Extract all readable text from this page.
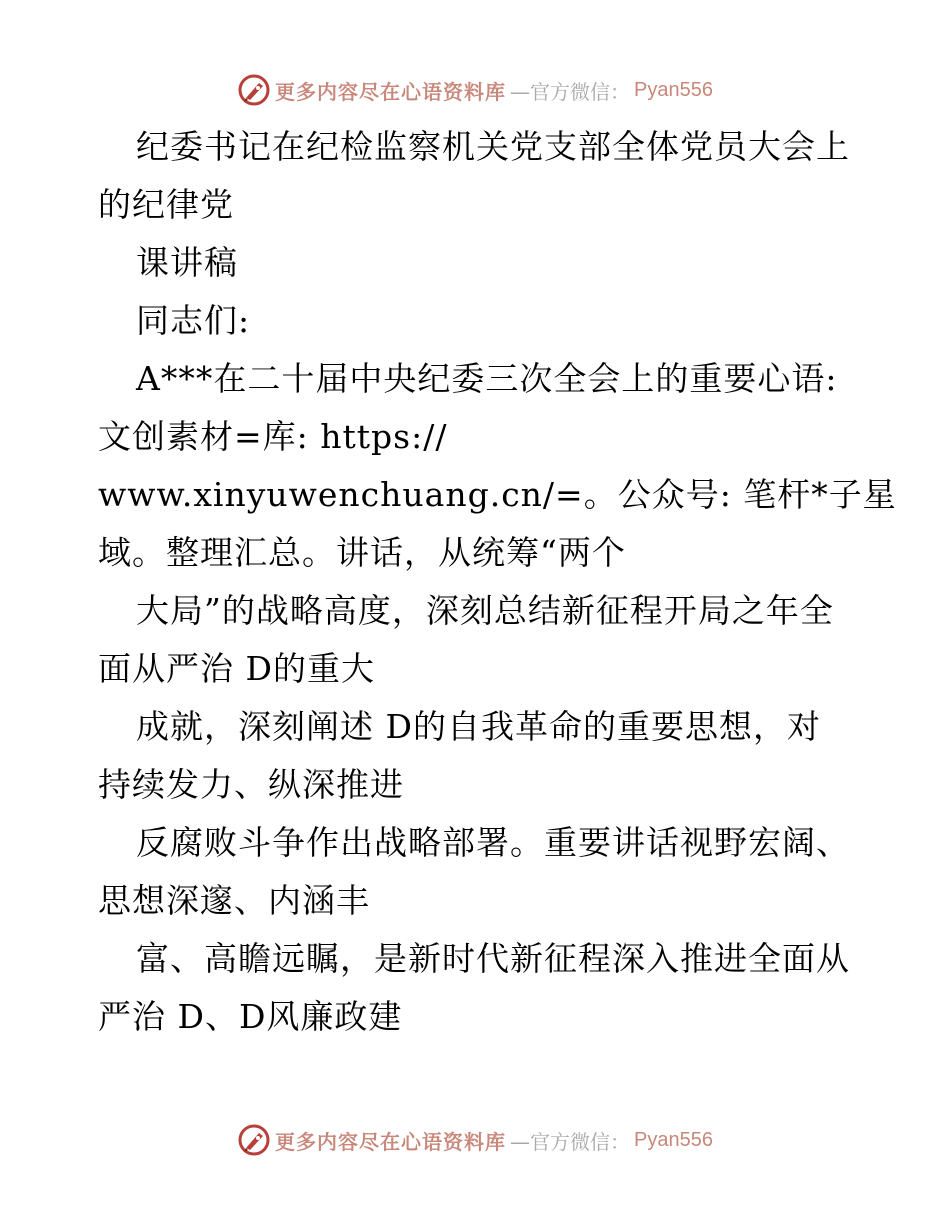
更多内容尽在心语资料库 —官方微信： Pyan556
纪委书记在纪检监察机关党支部全体党员大会上
的纪律党
课讲稿
同志们:
A***在二十届中央纪委三次全会上的重要心语:
文创素材=库: https://
www.xinyuwenchuang.cn/=。公众号: 笔杆*子星
域。整理汇总。讲话，从统筹“两个
大局”的战略高度，深刻总结新征程开局之年全
面从严治 D的重大
成就，深刻阐述 D的自我革命的重要思想，对
持续发力、纵深推进
反腐败斗争作出战略部署。重要讲话视野宏阔、
思想深邃、内涵丰
富、高瞻远瞩，是新时代新征程深入推进全面从
严治 D、D风廉政建
更多内容尽在心语资料库 —官方微信： Pyan556
